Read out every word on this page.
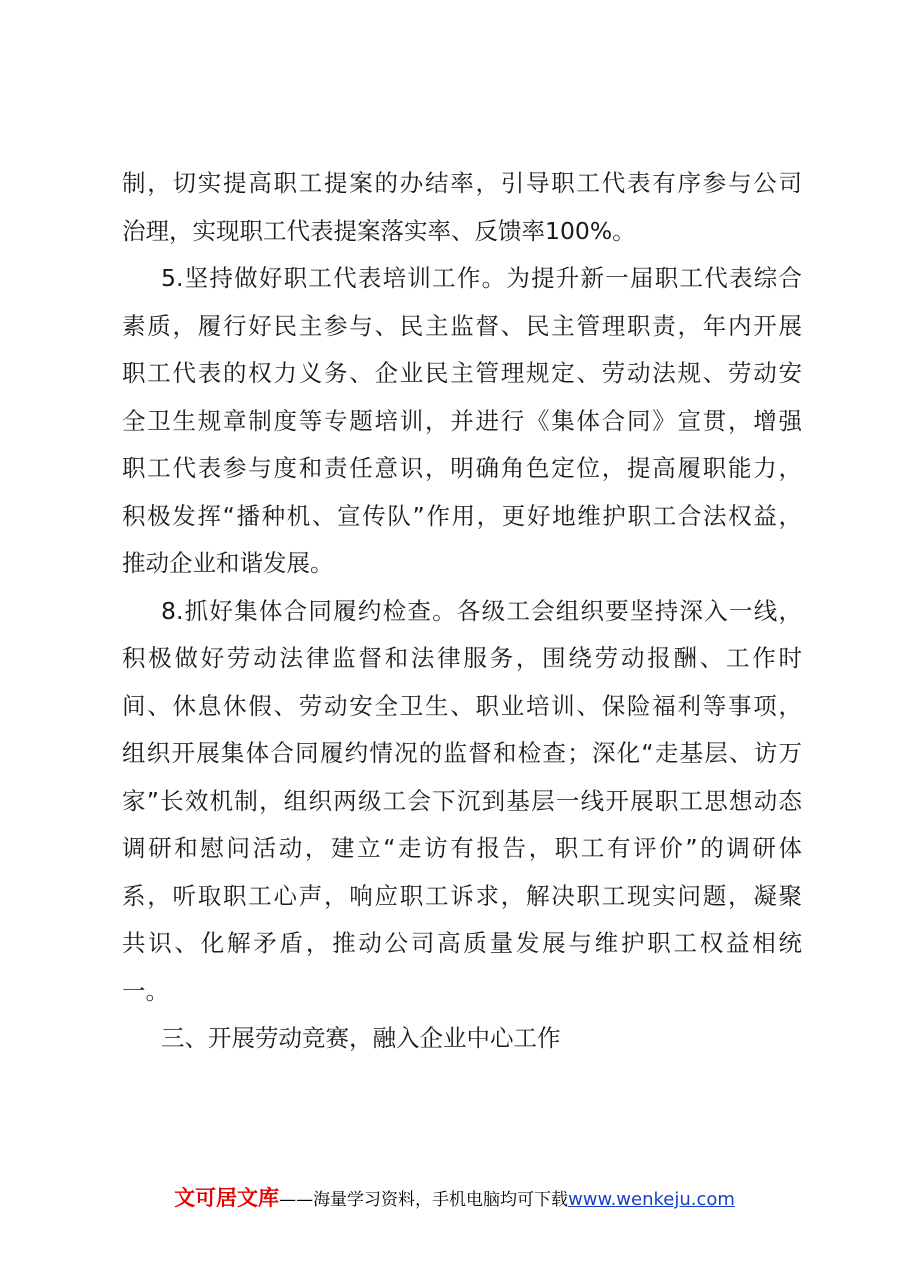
制，切实提高职工提案的办结率，引导职工代表有序参与公司
治理，实现职工代表提案落实率、反馈率100%。
5.坚持做好职工代表培训工作。为提升新一届职工代表综合
素质，履行好民主参与、民主监督、民主管理职责，年内开展
职工代表的权力义务、企业民主管理规定、劳动法规、劳动安
全卫生规章制度等专题培训，并进行《集体合同》宣贯，增强
职工代表参与度和责任意识，明确角色定位，提高履职能力，
积极发挥“播种机、宣传队”作用，更好地维护职工合法权益，
推动企业和谐发展。
8.抓好集体合同履约检查。各级工会组织要坚持深入一线，
积极做好劳动法律监督和法律服务，围绕劳动报酬、工作时
间、休息休假、劳动安全卫生、职业培训、保险福利等事项，
组织开展集体合同履约情况的监督和检查；深化“走基层、访万
家”长效机制，组织两级工会下沉到基层一线开展职工思想动态
调研和慰问活动，建立“走访有报告，职工有评价”的调研体
系，听取职工心声，响应职工诉求，解决职工现实问题，凝聚
共识、化解矛盾，推动公司高质量发展与维护职工权益相统
一。
三、开展劳动竞赛，融入企业中心工作
文可居文库——海量学习资料，手机电脑均可下载www.wenkeju.com
